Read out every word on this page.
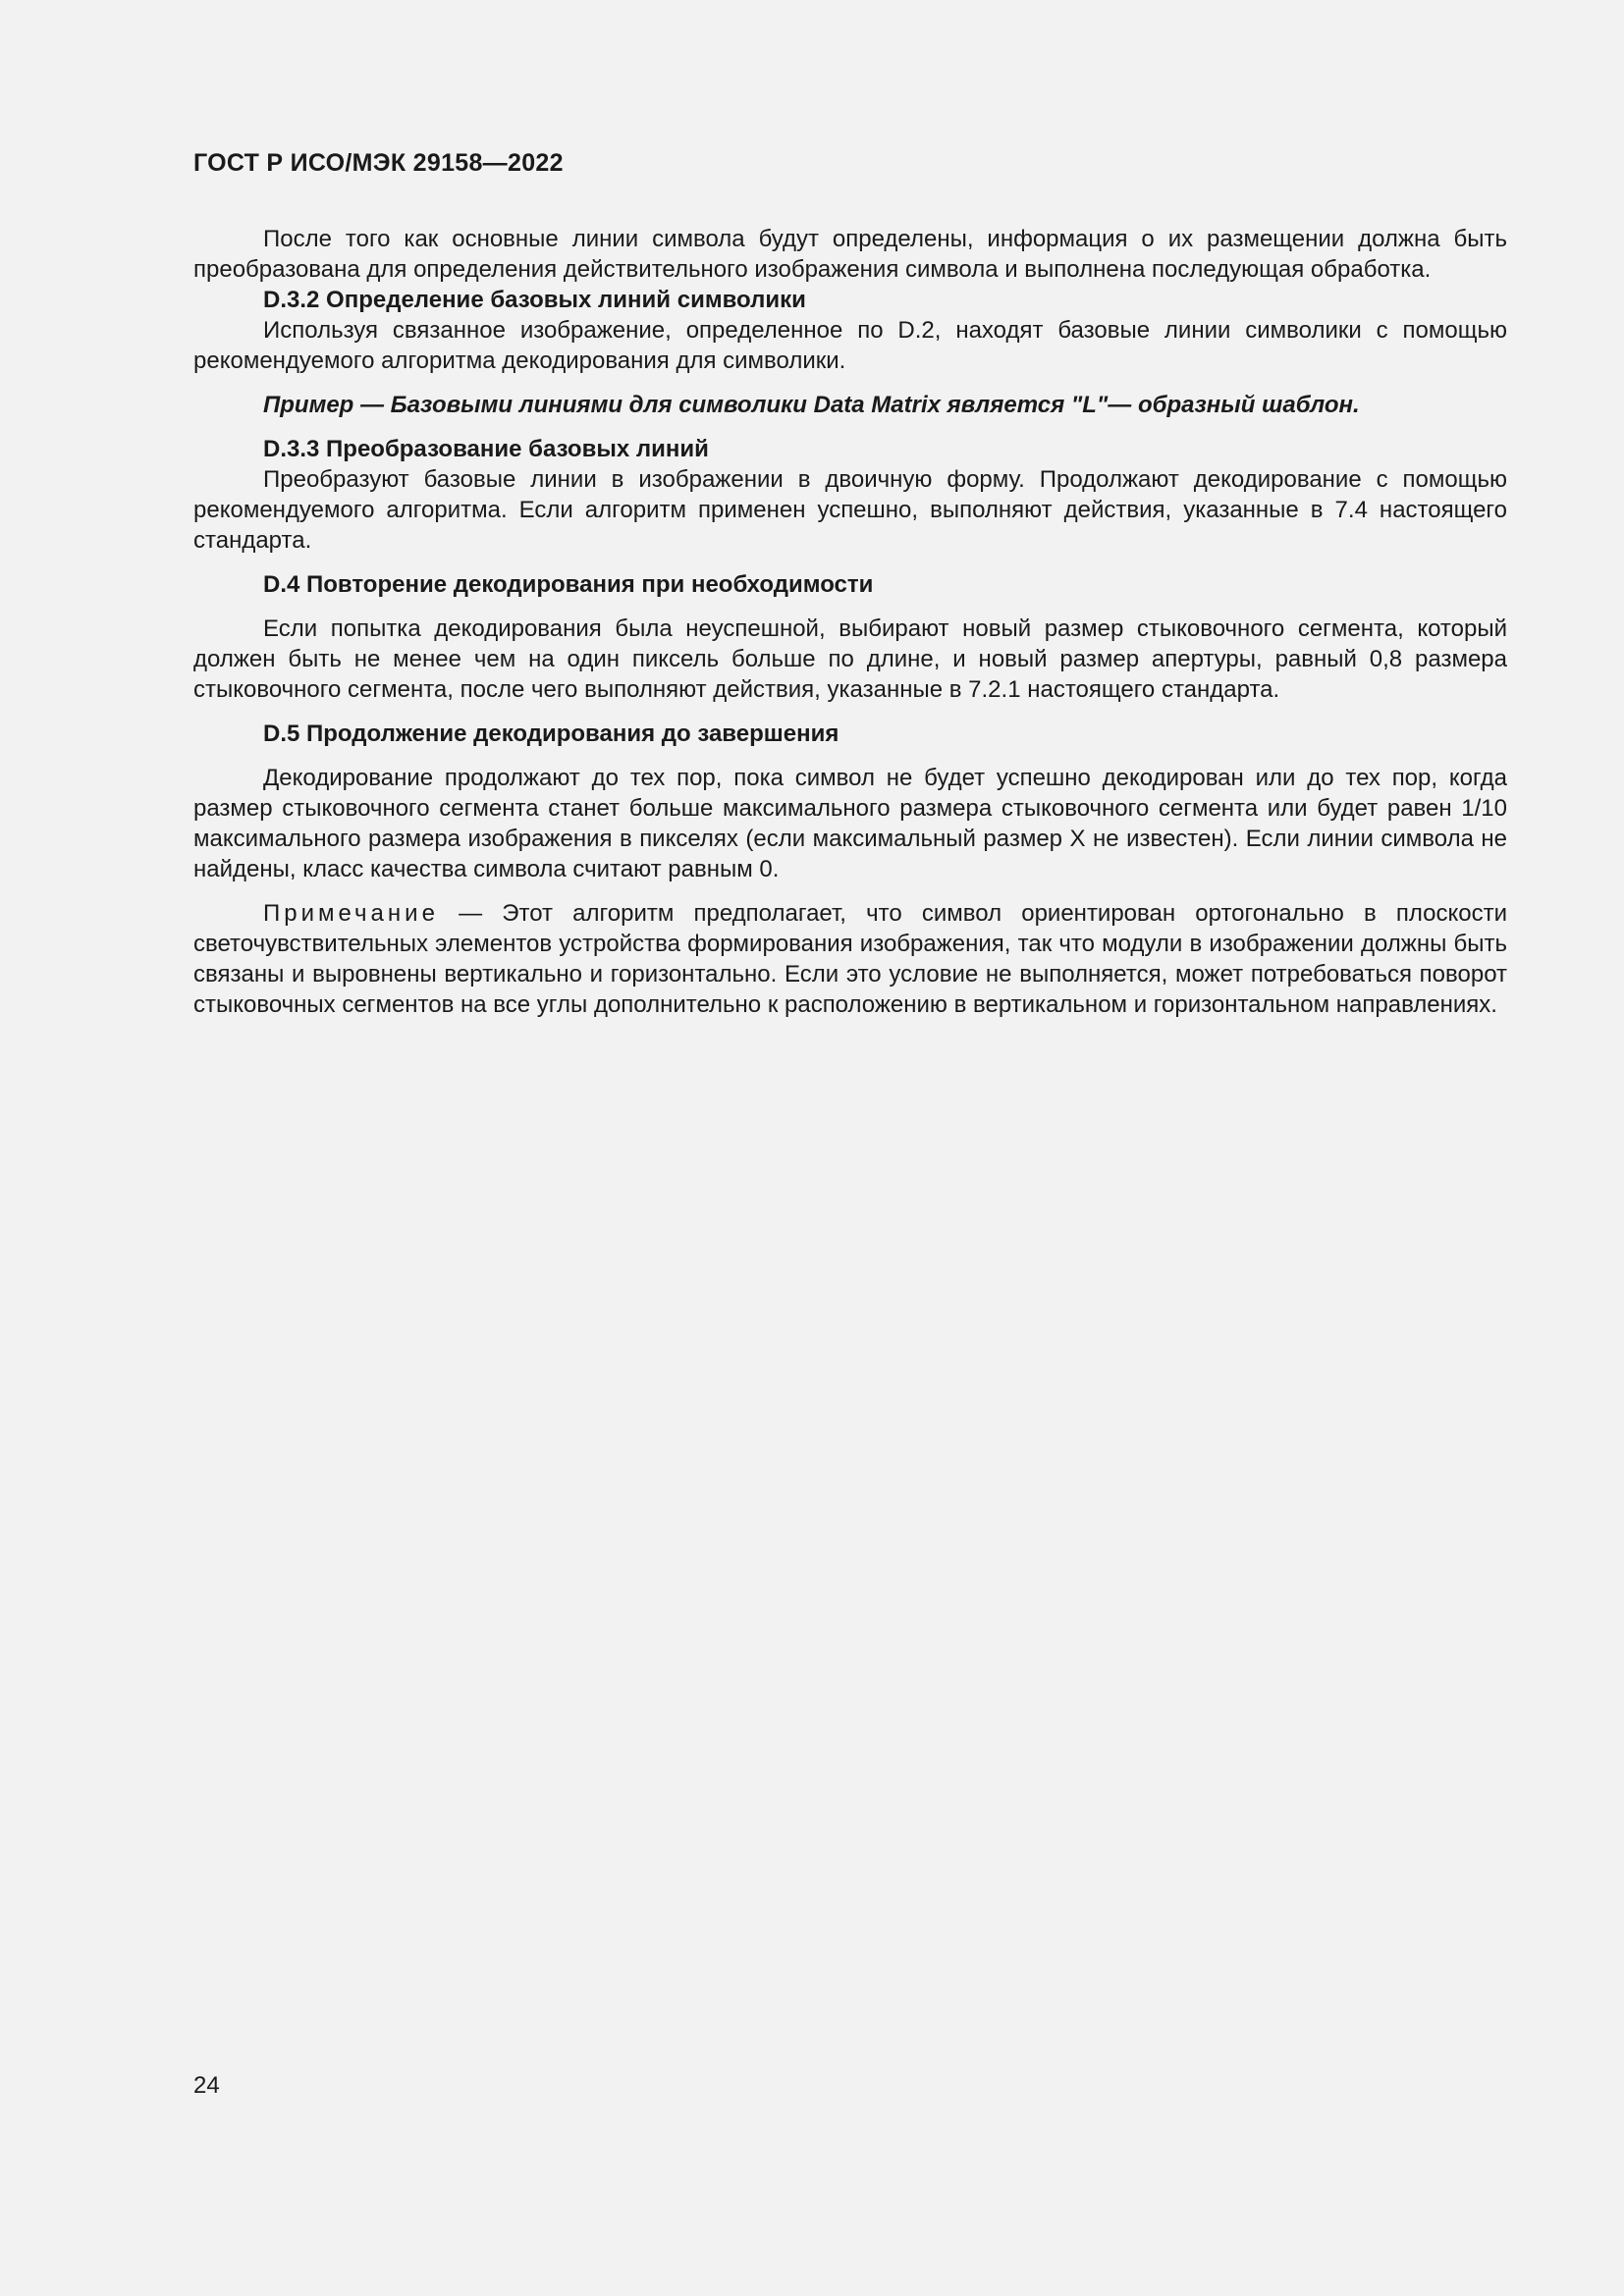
ГОСТ Р ИСО/МЭК 29158—2022

После того как основные линии символа будут определены, информация о их размещении должна быть преобразована для определения действительного изображения символа и выполнена последующая обработка.

D.3.2 Определение базовых линий символики

Используя связанное изображение, определенное по D.2, находят базовые линии символики с помощью рекомендуемого алгоритма декодирования для символики.

Пример — Базовыми линиями для символики Data Matrix является "L"— образный шаблон.

D.3.3 Преобразование базовых линий

Преобразуют базовые линии в изображении в двоичную форму. Продолжают декодирование с помощью рекомендуемого алгоритма. Если алгоритм применен успешно, выполняют действия, указанные в 7.4 настоящего стандарта.

D.4 Повторение декодирования при необходимости

Если попытка декодирования была неуспешной, выбирают новый размер стыковочного сегмента, который должен быть не менее чем на один пиксель больше по длине, и новый размер апертуры, равный 0,8 размера стыковочного сегмента, после чего выполняют действия, указанные в 7.2.1 настоящего стандарта.

D.5 Продолжение декодирования до завершения

Декодирование продолжают до тех пор, пока символ не будет успешно декодирован или до тех пор, когда размер стыковочного сегмента станет больше максимального размера стыковочного сегмента или будет равен 1/10 максимального размера изображения в пикселях (если максимальный размер X не известен). Если линии символа не найдены, класс качества символа считают равным 0.

Примечание — Этот алгоритм предполагает, что символ ориентирован ортогонально в плоскости светочувствительных элементов устройства формирования изображения, так что модули в изображении должны быть связаны и выровнены вертикально и горизонтально. Если это условие не выполняется, может потребоваться поворот стыковочных сегментов на все углы дополнительно к расположению в вертикальном и горизонтальном направлениях.

24
